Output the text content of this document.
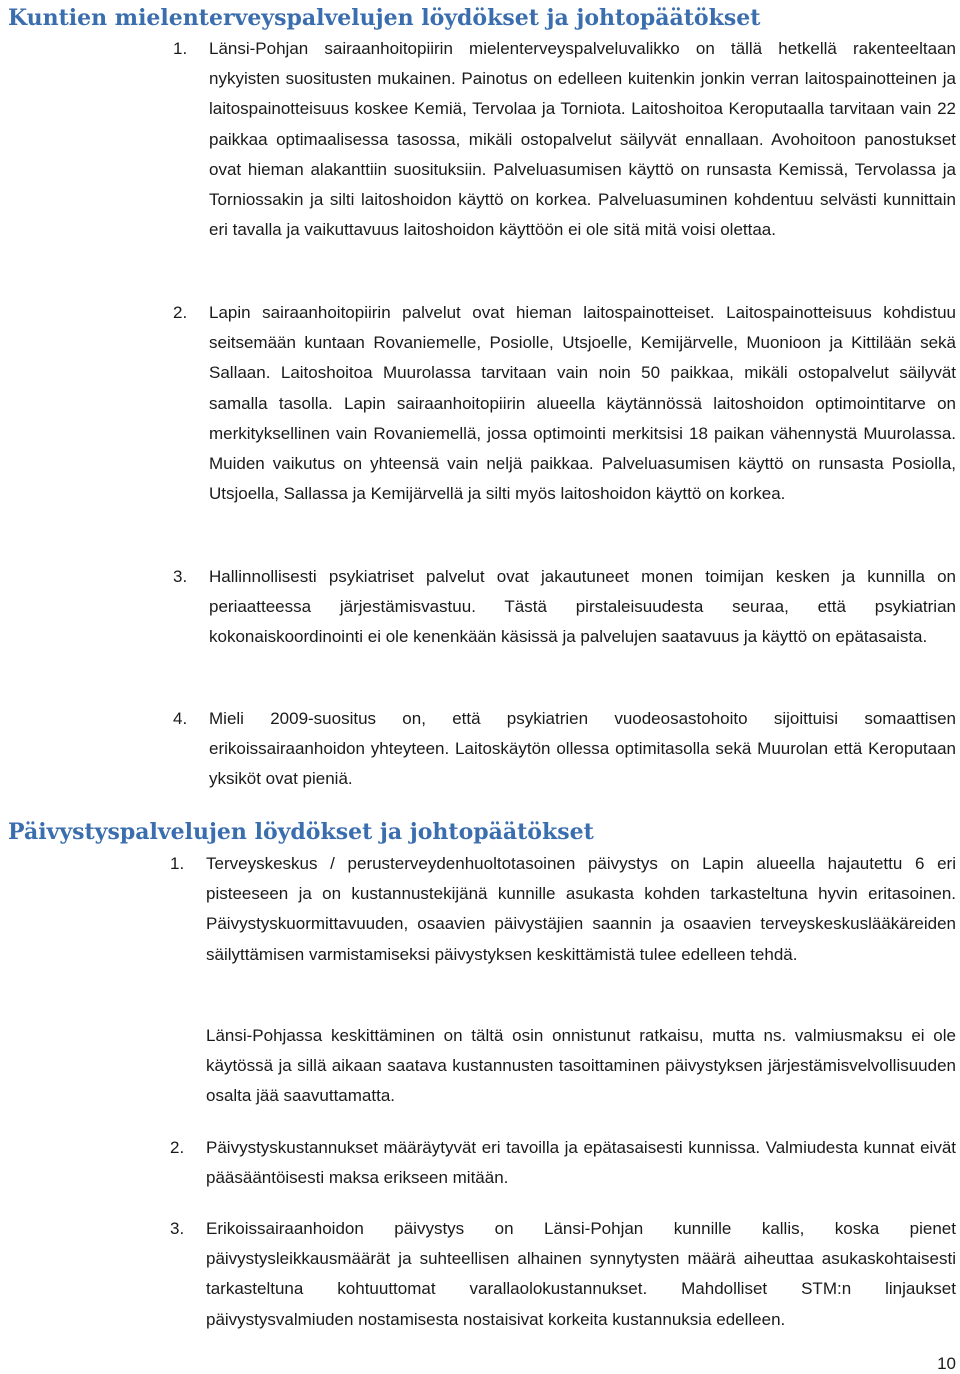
Kuntien mielenterveyspalvelujen löydökset ja johtopäätökset
1. Länsi-Pohjan sairaanhoitopiirin mielenterveyspalveluvalikko on tällä hetkellä rakenteeltaan nykyisten suositusten mukainen. Painotus on edelleen kuitenkin jonkin verran laitospainotteinen ja laitospainotteisuus koskee Kemiä, Tervolaa ja Torniota. Laitoshoitoa Keroputaalla tarvitaan vain 22 paikkaa optimaalisessa tasossa, mikäli ostopalvelut säilyvät ennallaan. Avohoitoon panostukset ovat hieman alakanttiin suosituksiin. Palveluasumisen käyttö on runsasta Kemissä, Tervolassa ja Torniossakin ja silti laitoshoidon käyttö on korkea. Palveluasuminen kohdentuu selvästi kunnittain eri tavalla ja vaikuttavuus laitoshoidon käyttöön ei ole sitä mitä voisi olettaa.

2. Lapin sairaanhoitopiirin palvelut ovat hieman laitospainotteiset. Laitospainotteisuus kohdistuu seitsemään kuntaan Rovaniemelle, Posiolle, Utsjoelle, Kemijärvelle, Muonioon ja Kittilään sekä Sallaan. Laitoshoitoa Muurolassa tarvitaan vain noin 50 paikkaa, mikäli ostopalvelut säilyvät samalla tasolla. Lapin sairaanhoitopiirin alueella käytännössä laitoshoidon optimointitarve on merkityksellinen vain Rovaniemellä, jossa optimointi merkitsisi 18 paikan vähennystä Muurolassa. Muiden vaikutus on yhteensä vain neljä paikkaa. Palveluasumisen käyttö on runsasta Posiolla, Utsjoella, Sallassa ja Kemijärvellä ja silti myös laitoshoidon käyttö on korkea.

3. Hallinnollisesti psykiatriset palvelut ovat jakautuneet monen toimijan kesken ja kunnilla on periaatteessa järjestämisvastuu. Tästä pirstaleisuudesta seuraa, että psykiatrian kokonaiskoordinointi ei ole kenenkään käsissä ja palvelujen saatavuus ja käyttö on epätasaista.

4. Mieli 2009-suositus on, että psykiatrien vuodeosastohoito sijoittuisi somaattisen erikoissairaanhoidon yhteyteen. Laitoskäytön ollessa optimitasolla sekä Muurolan että Keroputaan yksiköt ovat pieniä.

Päivystyspalvelujen löydökset ja johtopäätökset
1. Terveyskeskus / perusterveydenhuoltotasoinen päivystys on Lapin alueella hajautettu 6 eri pisteeseen ja on kustannustekijänä kunnille asukasta kohden tarkasteltuna hyvin eritasoinen. Päivystyskuormittavuuden, osaavien päivystäjien saannin ja osaavien terveyskeskuslääkäreiden säilyttämisen varmistamiseksi päivystyksen keskittämistä tulee edelleen tehdä.

Länsi-Pohjassa keskittäminen on tältä osin onnistunut ratkaisu, mutta ns. valmiusmaksu ei ole käytössä ja sillä aikaan saatava kustannusten tasoittaminen päivystyksen järjestämisvelvollisuuden osalta jää saavuttamatta.

2. Päivystyskustannukset määräytyvät eri tavoilla ja epätasaisesti kunnissa. Valmiudesta kunnat eivät pääsääntöisesti maksa erikseen mitään.

3. Erikoissairaanhoidon päivystys on Länsi-Pohjan kunnille kallis, koska pienet päivystysleikkausmäärät ja suhteellisen alhainen synnytysten määrä aiheuttaa asukaskohtaisesti tarkasteltuna kohtuuttomat varallaolokustannukset. Mahdolliset STM:n linjaukset päivystysvalmiuden nostamisesta nostaisivat korkeita kustannuksia edelleen.

10
